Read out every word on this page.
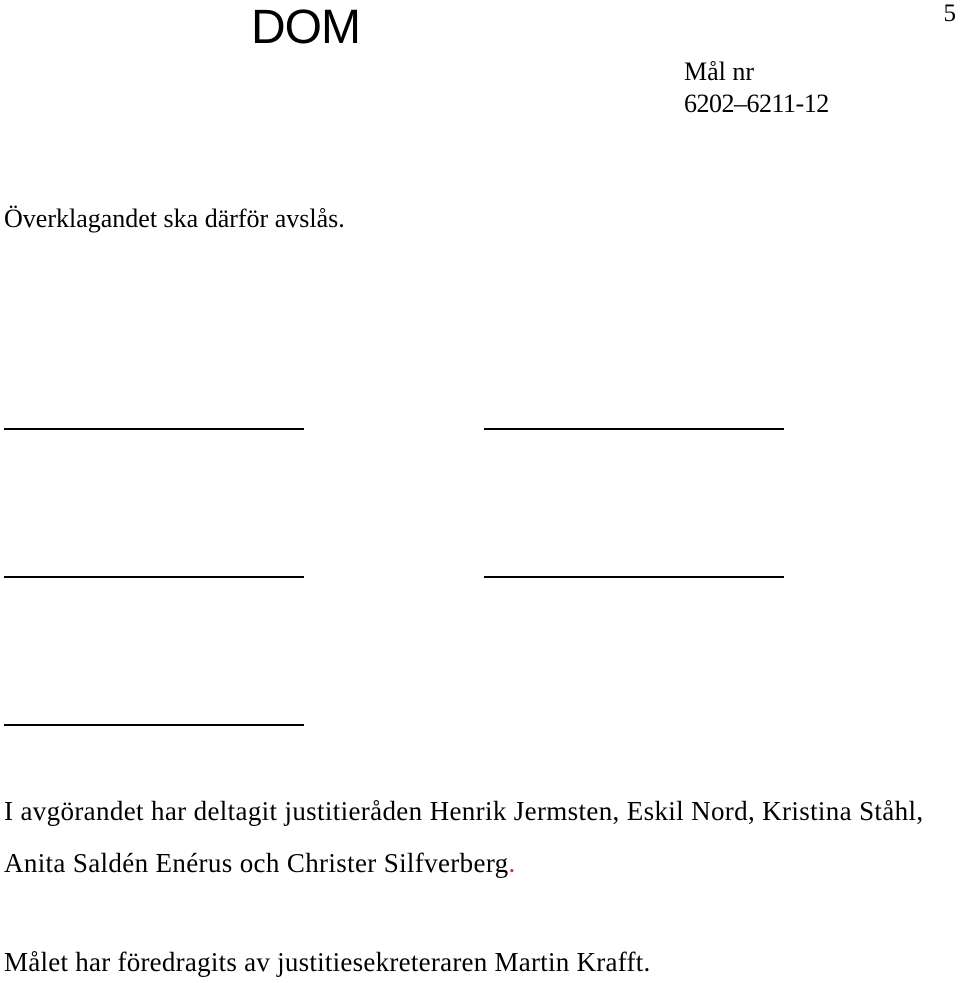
5
DOM
Mål nr
6202–6211-12
Överklagandet ska därför avslås.
I avgörandet har deltagit justitieråden Henrik Jermsten, Eskil Nord, Kristina Ståhl,
Anita Saldén Enérus och Christer Silfverberg.
Målet har föredragits av justitiesekreteraren Martin Krafft.
